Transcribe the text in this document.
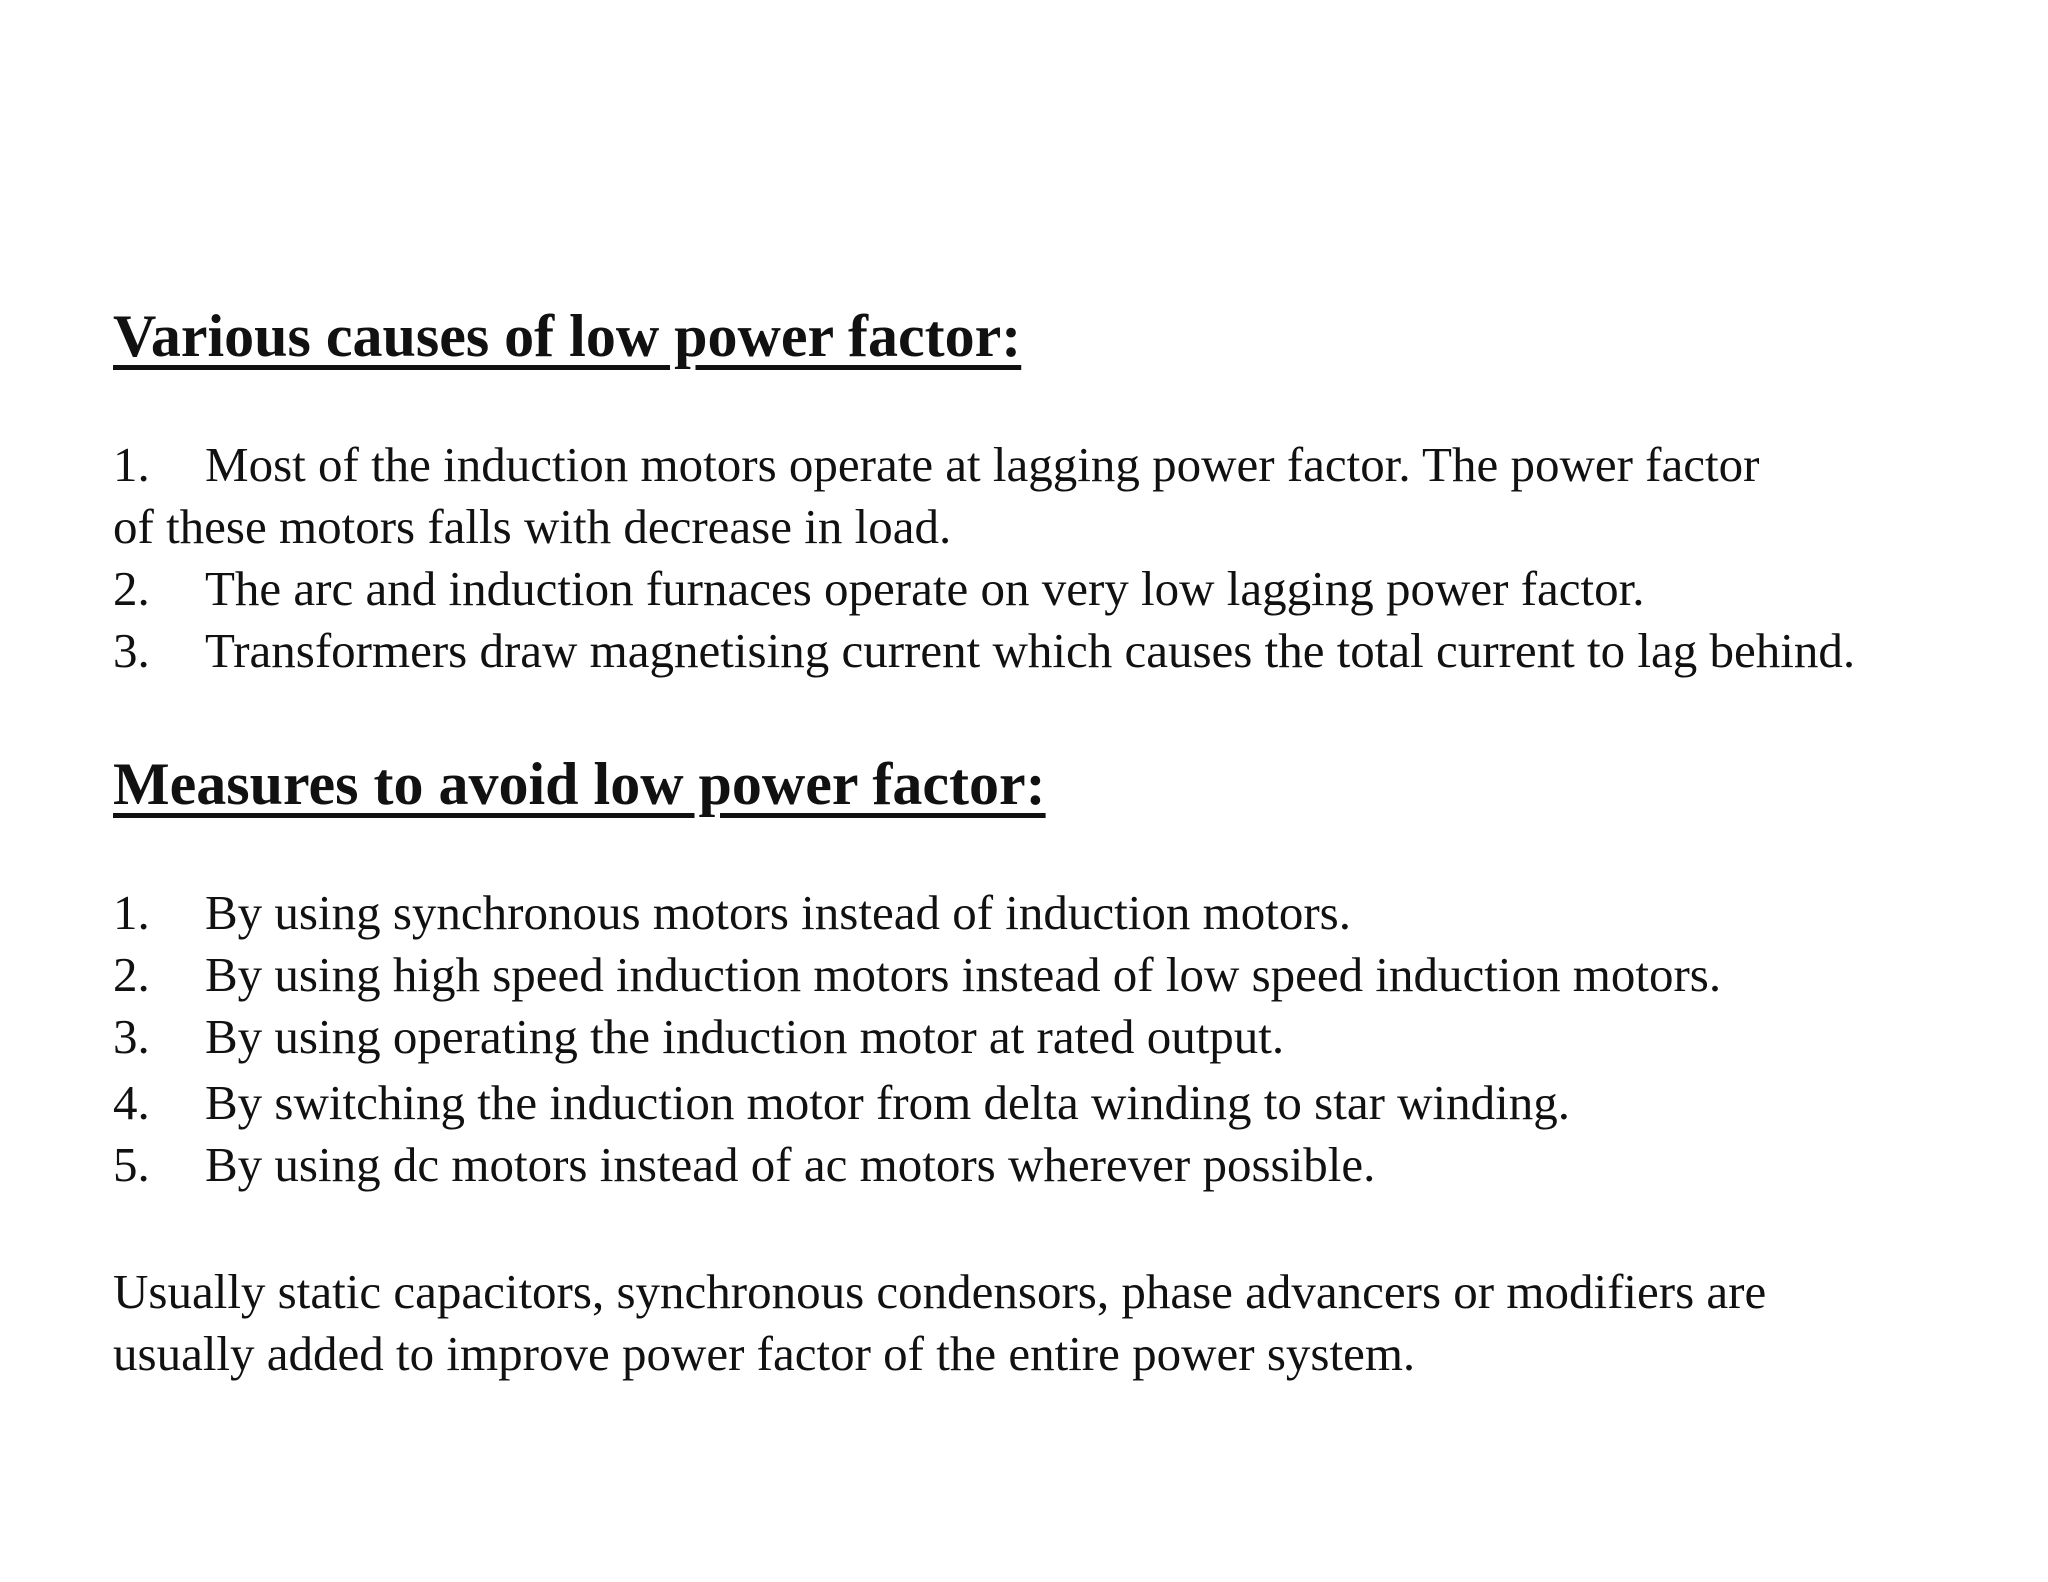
Various causes of low power factor:
1. Most of the induction motors operate at lagging power factor. The power factor
of these motors falls with decrease in load.
2. The arc and induction furnaces operate on very low lagging power factor.
3. Transformers draw magnetising current which causes the total current to lag behind.
Measures to avoid low power factor:
1. By using synchronous motors instead of induction motors.
2. By using high speed induction motors instead of low speed induction motors.
3. By using operating the induction motor at rated output.
4. By switching the induction motor from delta winding to star winding.
5. By using dc motors instead of ac motors wherever possible.
Usually static capacitors, synchronous condensors, phase advancers or modifiers are
usually added to improve power factor of the entire power system.
